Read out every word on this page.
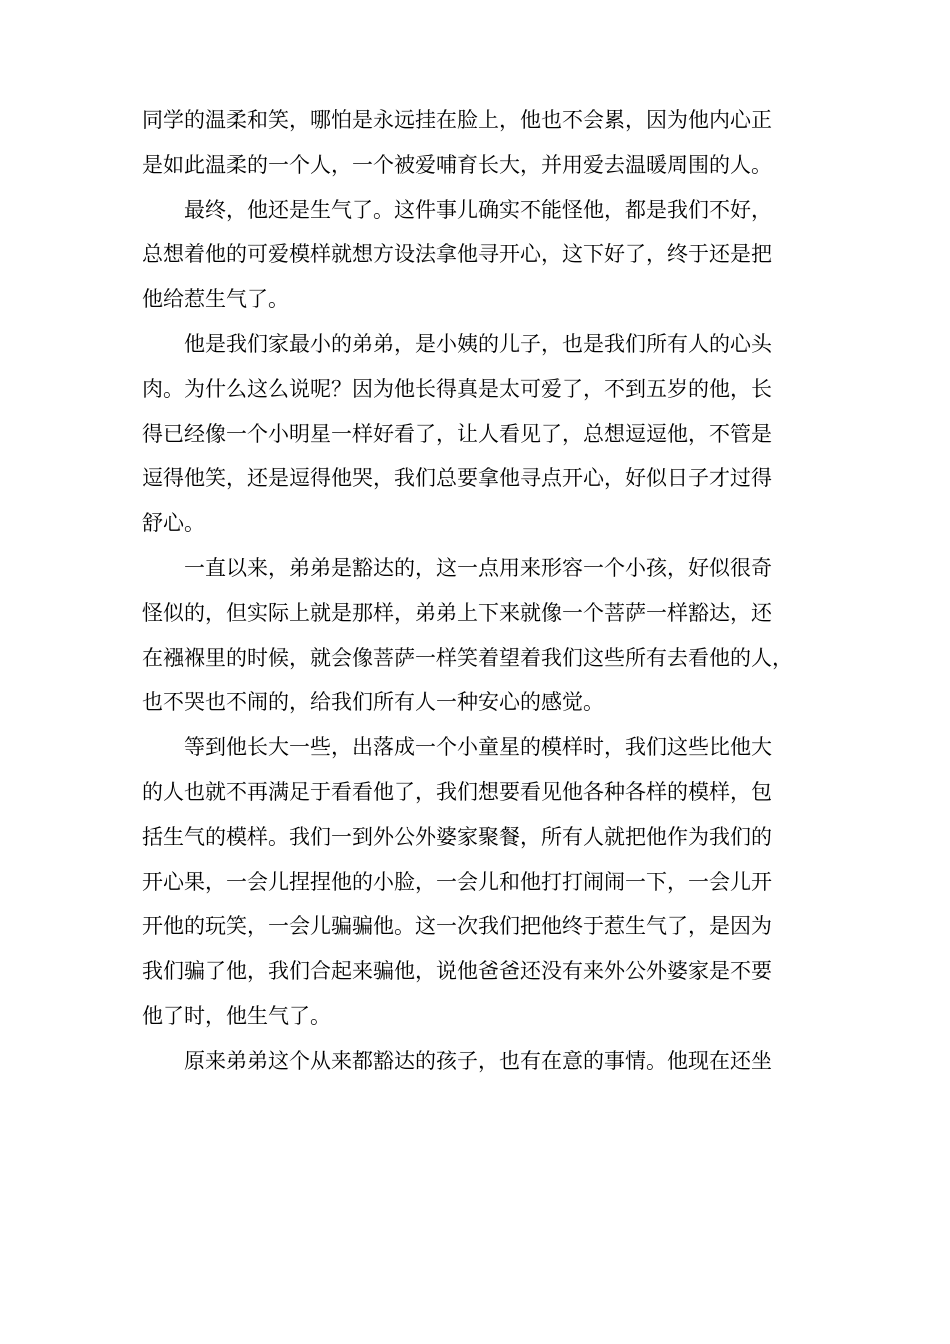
同学的温柔和笑，哪怕是永远挂在脸上，他也不会累，因为他内心正
是如此温柔的一个人，一个被爱哺育长大，并用爱去温暖周围的人。
最终，他还是生气了。这件事儿确实不能怪他，都是我们不好，
总想着他的可爱模样就想方设法拿他寻开心，这下好了，终于还是把
他给惹生气了。
他是我们家最小的弟弟，是小姨的儿子，也是我们所有人的心头
肉。为什么这么说呢？因为他长得真是太可爱了，不到五岁的他，长
得已经像一个小明星一样好看了，让人看见了，总想逗逗他，不管是
逗得他笑，还是逗得他哭，我们总要拿他寻点开心，好似日子才过得
舒心。
一直以来，弟弟是豁达的，这一点用来形容一个小孩，好似很奇
怪似的，但实际上就是那样，弟弟上下来就像一个菩萨一样豁达，还
在襁褓里的时候，就会像菩萨一样笑着望着我们这些所有去看他的人，
也不哭也不闹的，给我们所有人一种安心的感觉。
等到他长大一些，出落成一个小童星的模样时，我们这些比他大
的人也就不再满足于看看他了，我们想要看见他各种各样的模样，包
括生气的模样。我们一到外公外婆家聚餐，所有人就把他作为我们的
开心果，一会儿捏捏他的小脸，一会儿和他打打闹闹一下，一会儿开
开他的玩笑，一会儿骗骗他。这一次我们把他终于惹生气了，是因为
我们骗了他，我们合起来骗他，说他爸爸还没有来外公外婆家是不要
他了时，他生气了。
原来弟弟这个从来都豁达的孩子，也有在意的事情。他现在还坐
